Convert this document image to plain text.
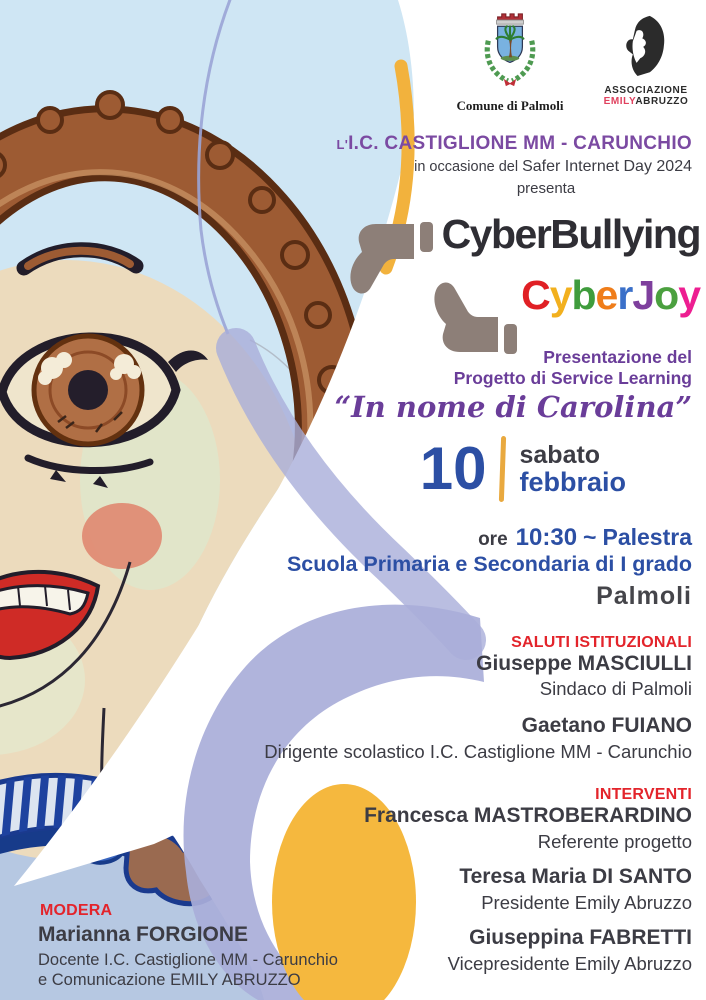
Comune di Palmoli
ASSOCIAZIONE
EMILYABRUZZO
L'I.C. CASTIGLIONE MM - CARUNCHIO
in occasione del Safer Internet Day 2024
presenta
CyberBullying
CyberJoy
Presentazione del
Progetto di Service Learning
“In nome di Carolina”
10 sabato
febbraio
ore 10:30 ~ Palestra
Scuola Primaria e Secondaria di I grado
Palmoli
SALUTI ISTITUZIONALI
Giuseppe MASCIULLI
Sindaco di Palmoli
Gaetano FUIANO
Dirigente scolastico I.C. Castiglione MM - Carunchio
INTERVENTI
Francesca MASTROBERARDINO
Referente progetto
Teresa Maria DI SANTO
Presidente Emily Abruzzo
Giuseppina FABRETTI
Vicepresidente Emily Abruzzo
MODERA
Marianna FORGIONE
Docente I.C. Castiglione MM - Carunchio
e Comunicazione EMILY ABRUZZO
